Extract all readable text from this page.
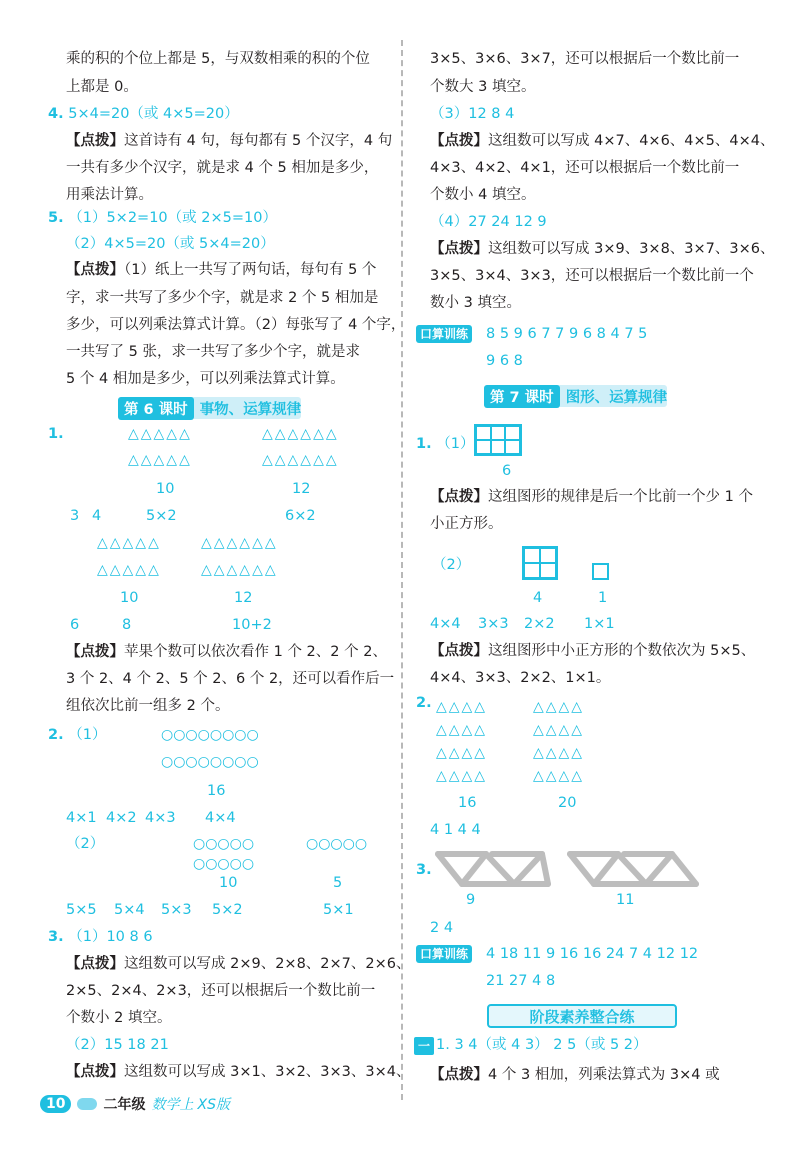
乘的积的个位上都是 5，与双数相乘的积的个位
上都是 0。
4. 5×4=20（或 4×5=20）
【点拨】这首诗有 4 句，每句都有 5 个汉字，4 句
一共有多少个汉字，就是求 4 个 5 相加是多少，
用乘法计算。
5. （1）5×2=10（或 2×5=10）
（2）4×5=20（或 5×4=20）
【点拨】（1）纸上一共写了两句话，每句有 5 个
字，求一共写了多少个字，就是求 2 个 5 相加是
多少，可以列乘法算式计算。（2）每张写了 4 个字，
一共写了 5 张，求一共写了多少个字，就是求
5 个 4 相加是多少，可以列乘法算式计算。
第 6 课时 事物、运算规律
1.	△△△△△	△△△△△△
△△△△△	△△△△△△
10	12
3 4	5×2	6×2
△△△△△	△△△△△△
△△△△△	△△△△△△
10	12
6	8	10+2
【点拨】苹果个数可以依次看作 1 个 2、2 个 2、
3 个 2、4 个 2、5 个 2、6 个 2，还可以看作后一
组依次比前一组多 2 个。
2. （1）	○○○○○○○○
○○○○○○○○
16
4×1 4×2 4×3 4×4
（2）	○○○○○	○○○○○
○○○○○
10	5
5×5 5×4 5×3 5×2	5×1
3. （1）10 8 6
【点拨】这组数可以写成 2×9、2×8、2×7、2×6、
2×5、2×4、2×3，还可以根据后一个数比前一
个数小 2 填空。
（2）15 18 21
【点拨】这组数可以写成 3×1、3×2、3×3、3×4、
3×5、3×6、3×7，还可以根据后一个数比前一
个数大 3 填空。
（3）12 8 4
【点拨】这组数可以写成 4×7、4×6、4×5、4×4、
4×3、4×2、4×1，还可以根据后一个数比前一
个数小 4 填空。
（4）27 24 12 9
【点拨】这组数可以写成 3×9、3×8、3×7、3×6、
3×5、3×4、3×3，还可以根据后一个数比前一个
数小 3 填空。
口算训练 8 5 9 6 7 7 9 6 8 4 7 5
9 6 8
第 7 课时 图形、运算规律
1. （1）
6
【点拨】这组图形的规律是后一个比前一个少 1 个
小正方形。
（2）
4	1
4×4 3×3 2×2 1×1
【点拨】这组图形中小正方形的个数依次为 5×5、
4×4、3×3、2×2、1×1。
2. △△△△
△△△△
△△△△
△△△△
△△△△
△△△△
△△△△
△△△△
16	20
4 1 4 4
3.
9	11
2 4
口算训练 4 18 11 9 16 16 24 7 4 12 12
21 27 4 8
阶段素养整合练
一 1. 3 4（或 4 3） 2 5（或 5 2）
【点拨】4 个 3 相加，列乘法算式为 3×4 或
10	二年级 数学上 XS版
